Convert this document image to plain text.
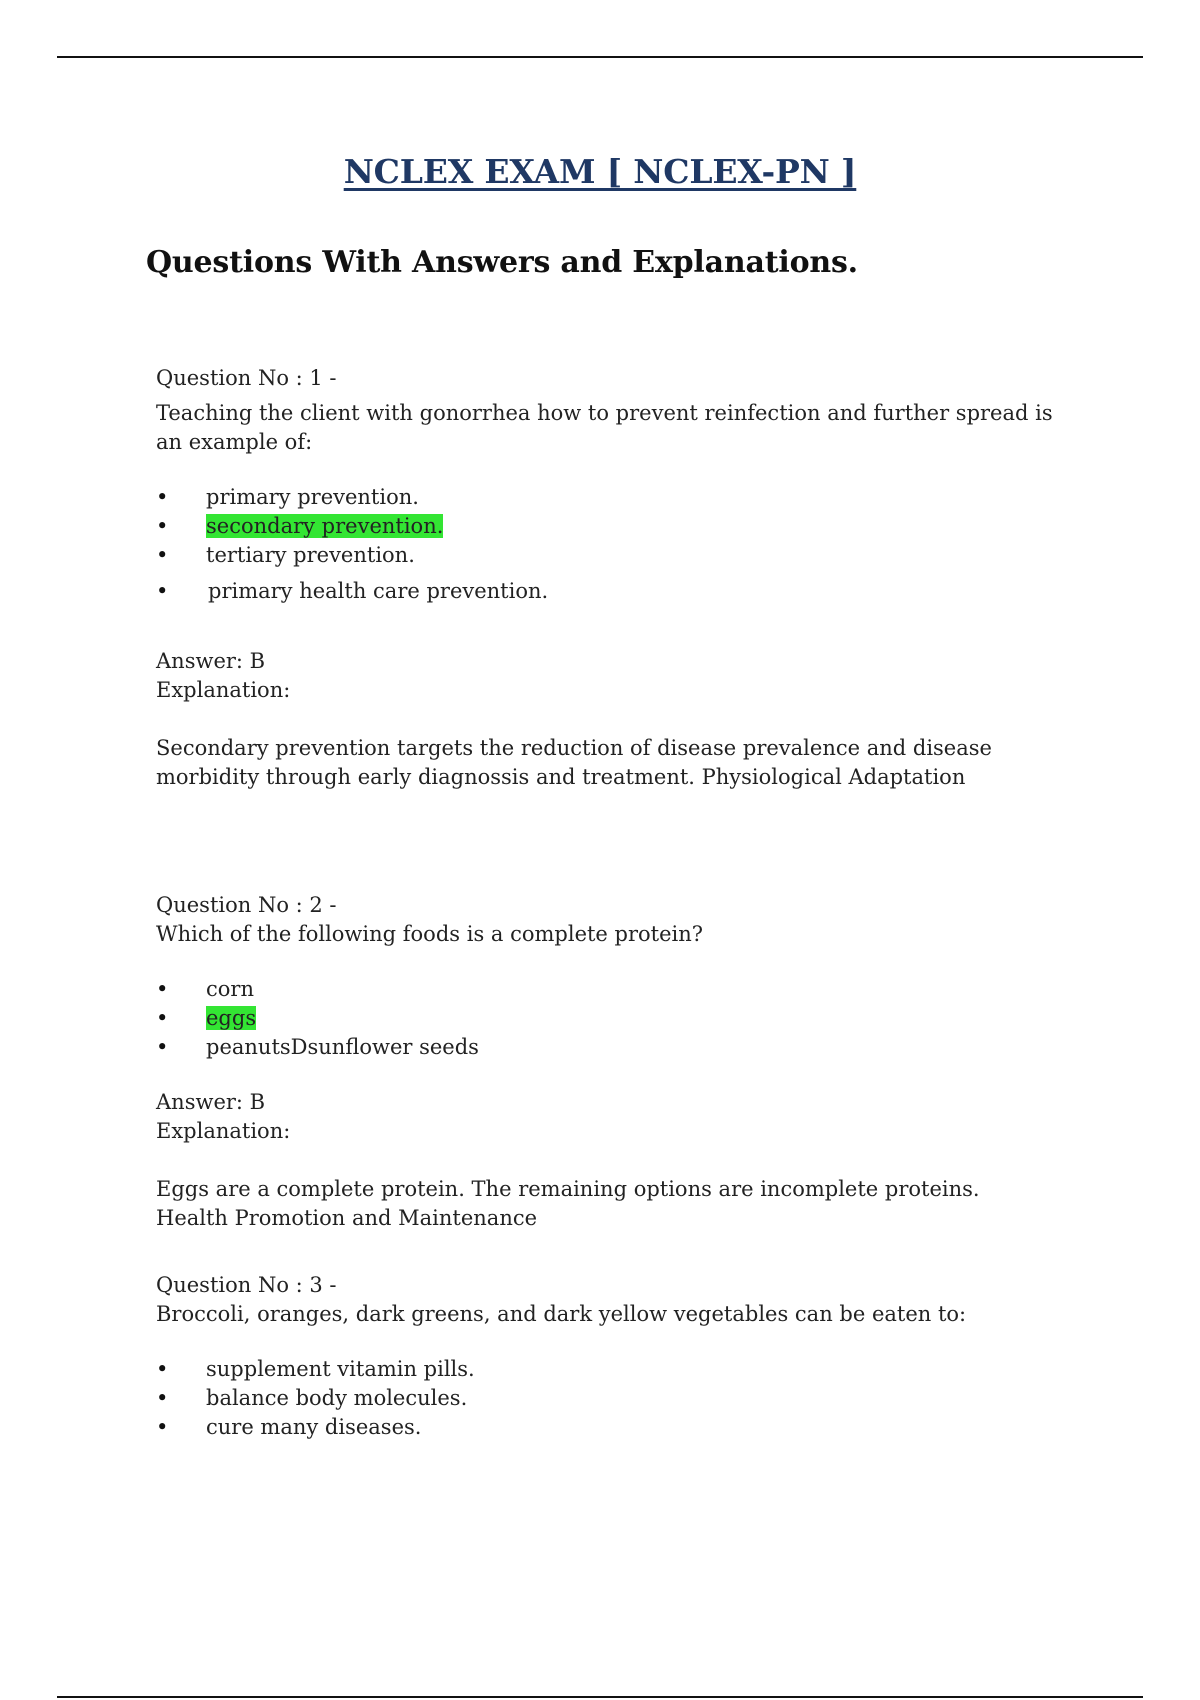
NCLEX EXAM [ NCLEX-PN ]
Questions With Answers and Explanations.

Question No : 1 -

Teaching the client with gonorrhea how to prevent reinfection and further spread is an example of:

• primary prevention.
• secondary prevention.
• tertiary prevention.
• primary health care prevention.

Answer: B

Explanation:

Secondary prevention targets the reduction of disease prevalence and disease morbidity through early diagnossis and treatment. Physiological Adaptation

Question No : 2 -

Which of the following foods is a complete protein?

• corn
• eggs
• peanutsDsunflower seeds

Answer: B

Explanation:

Eggs are a complete protein. The remaining options are incomplete proteins. Health Promotion and Maintenance

Question No : 3 -

Broccoli, oranges, dark greens, and dark yellow vegetables can be eaten to:

• supplement vitamin pills.
• balance body molecules.
• cure many diseases.
